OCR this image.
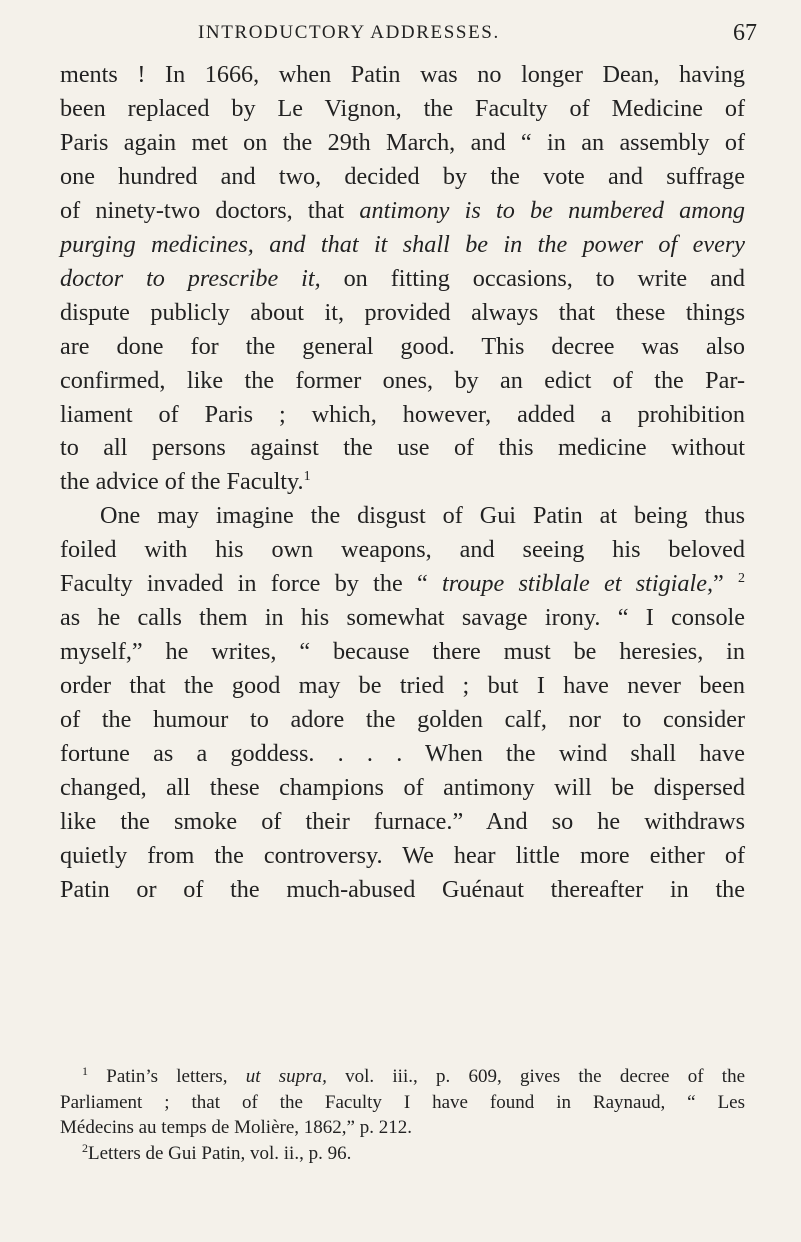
INTRODUCTORY ADDRESSES.	67
ments ! In 1666, when Patin was no longer Dean, having
been replaced by Le Vignon, the Faculty of Medicine of
Paris again met on the 29th March, and “ in an assembly of
one hundred and two, decided by the vote and suffrage
of ninety-two doctors, that antimony is to be numbered among
purging medicines, and that it shall be in the power of every
doctor to prescribe it, on fitting occasions, to write and
dispute publicly about it, provided always that these things
are done for the general good. This decree was also
confirmed, like the former ones, by an edict of the Par-
liament of Paris ; which, however, added a prohibition
to all persons against the use of this medicine without
the advice of the Faculty.$^1$
One may imagine the disgust of Gui Patin at being thus
foiled with his own weapons, and seeing his beloved
Faculty invaded in force by the “ troupe stiblale et stigiale,” $^2$
as he calls them in his somewhat savage irony. “ I console
myself,” he writes, “ because there must be heresies, in
order that the good may be tried ; but I have never been
of the humour to adore the golden calf, nor to consider
fortune as a goddess. . . . When the wind shall have
changed, all these champions of antimony will be dispersed
like the smoke of their furnace.” And so he withdraws
quietly from the controversy. We hear little more either of
Patin or of the much-abused Guénaut thereafter in the
$^1$ Patin’s letters, ut supra, vol. iii., p. 609, gives the decree of the
Parliament ; that of the Faculty I have found in Raynaud, “ Les
Médecins au temps de Molière, 1862,” p. 212.
$^2$Letters de Gui Patin, vol. ii., p. 96.
